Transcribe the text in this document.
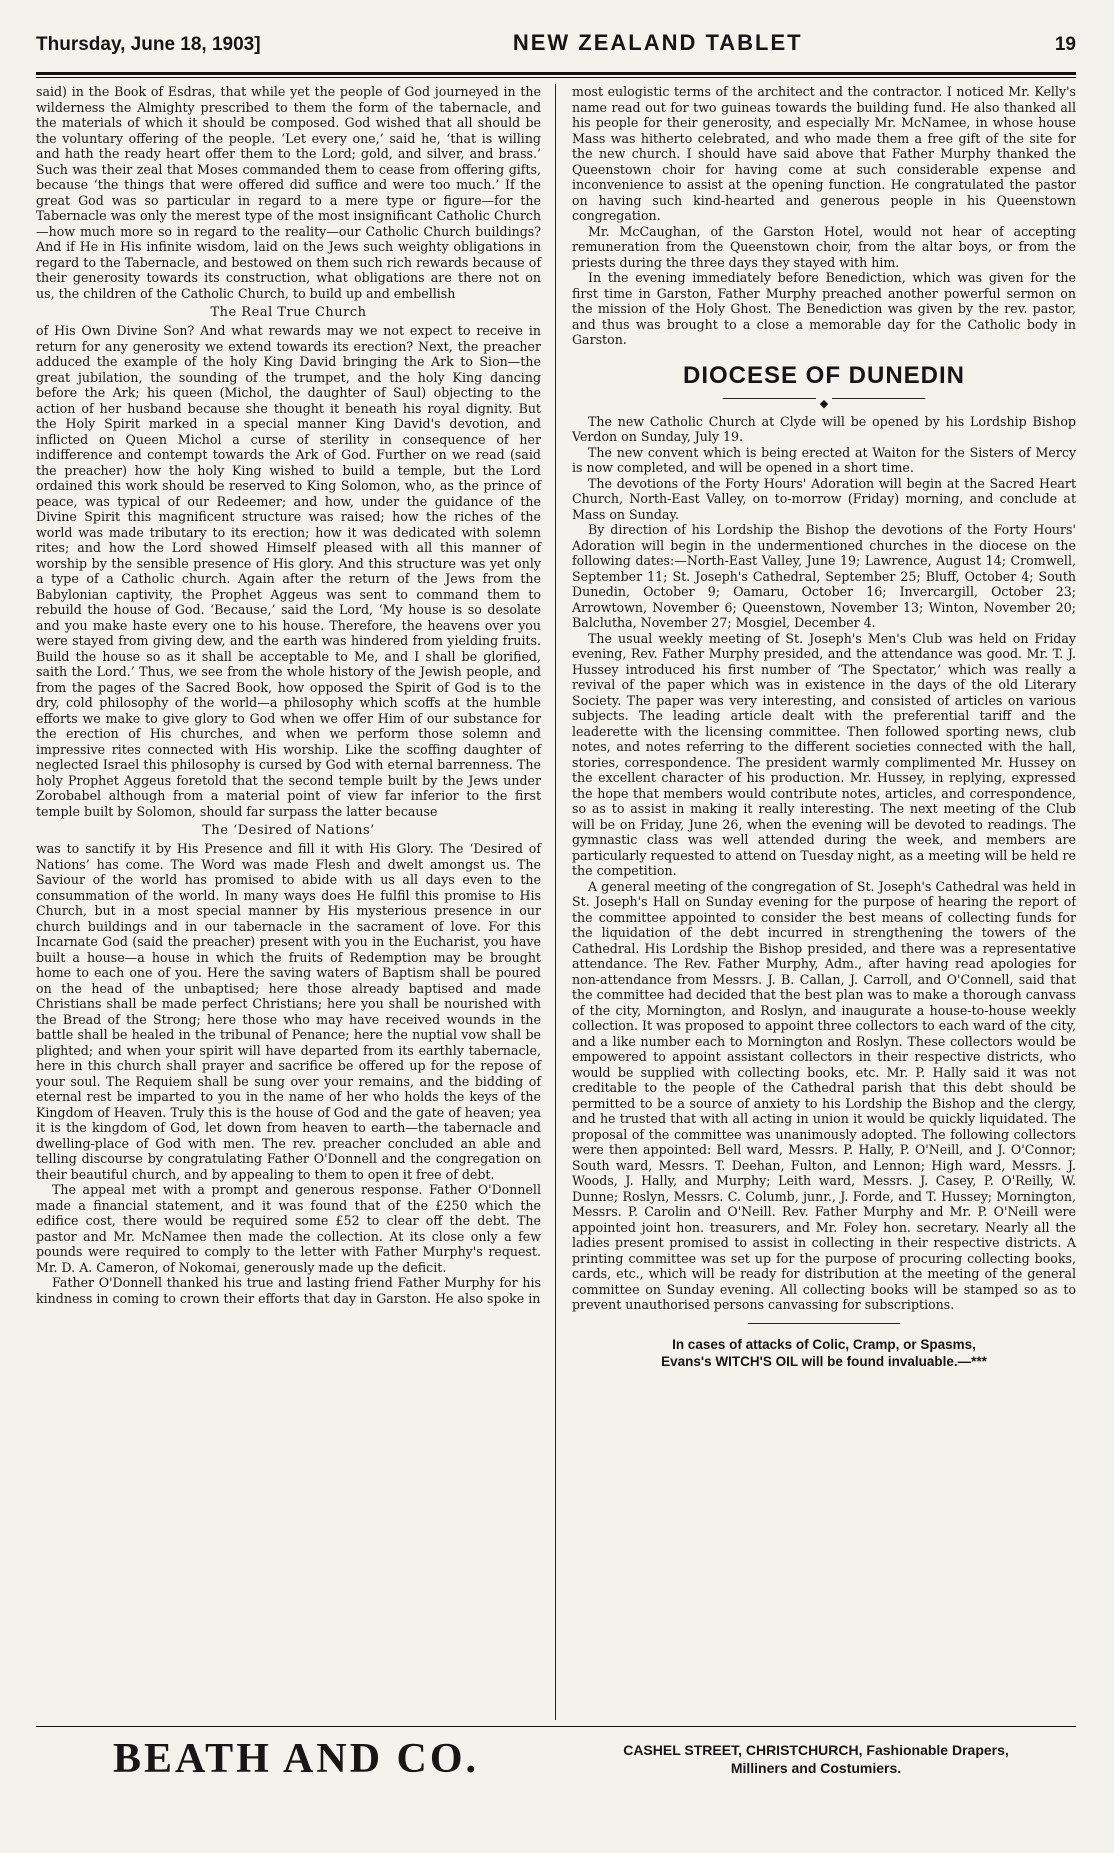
Thursday, June 18, 1903]	NEW ZEALAND TABLET	19

said) in the Book of Esdras, that while yet the people of God journeyed in the wilderness the Almighty prescribed to them the form of the tabernacle, and the materials of which it should be composed. God wished that all should be the voluntary offering of the people. ‘Let every one,’ said he, ‘that is willing and hath the ready heart offer them to the Lord; gold, and silver, and brass.’ Such was their zeal that Moses commanded them to cease from offering gifts, because ‘the things that were offered did suffice and were too much.’ If the great God was so particular in regard to a mere type or figure—for the Tabernacle was only the merest type of the most insignificant Catholic Church—how much more so in regard to the reality—our Catholic Church buildings? And if He in His infinite wisdom, laid on the Jews such weighty obligations in regard to the Tabernacle, and bestowed on them such rich rewards because of their generosity towards its construction, what obligations are there not on us, the children of the Catholic Church, to build up and embellish

The Real True Church

of His Own Divine Son? And what rewards may we not expect to receive in return for any generosity we extend towards its erection? Next, the preacher adduced the example of the holy King David bringing the Ark to Sion—the great jubilation, the sounding of the trumpet, and the holy King dancing before the Ark; his queen (Michol, the daughter of Saul) objecting to the action of her husband because she thought it beneath his royal dignity. But the Holy Spirit marked in a special manner King David's devotion, and inflicted on Queen Michol a curse of sterility in consequence of her indifference and contempt towards the Ark of God. Further on we read (said the preacher) how the holy King wished to build a temple, but the Lord ordained this work should be reserved to King Solomon, who, as the prince of peace, was typical of our Redeemer; and how, under the guidance of the Divine Spirit this magnificent structure was raised; how the riches of the world was made tributary to its erection; how it was dedicated with solemn rites; and how the Lord showed Himself pleased with all this manner of worship by the sensible presence of His glory. And this structure was yet only a type of a Catholic church. Again after the return of the Jews from the Babylonian captivity, the Prophet Aggeus was sent to command them to rebuild the house of God. ‘Because,’ said the Lord, ‘My house is so desolate and you make haste every one to his house. Therefore, the heavens over you were stayed from giving dew, and the earth was hindered from yielding fruits. Build the house so as it shall be acceptable to Me, and I shall be glorified, saith the Lord.’ Thus, we see from the whole history of the Jewish people, and from the pages of the Sacred Book, how opposed the Spirit of God is to the dry, cold philosophy of the world—a philosophy which scoffs at the humble efforts we make to give glory to God when we offer Him of our substance for the erection of His churches, and when we perform those solemn and impressive rites connected with His worship. Like the scoffing daughter of neglected Israel this philosophy is cursed by God with eternal barrenness. The holy Prophet Aggeus foretold that the second temple built by the Jews under Zorobabel although from a material point of view far inferior to the first temple built by Solomon, should far surpass the latter because

The ‘Desired of Nations’

was to sanctify it by His Presence and fill it with His Glory. The ‘Desired of Nations’ has come. The Word was made Flesh and dwelt amongst us. The Saviour of the world has promised to abide with us all days even to the consummation of the world. In many ways does He fulfil this promise to His Church, but in a most special manner by His mysterious presence in our church buildings and in our tabernacle in the sacrament of love. For this Incarnate God (said the preacher) present with you in the Eucharist, you have built a house—a house in which the fruits of Redemption may be brought home to each one of you. Here the saving waters of Baptism shall be poured on the head of the unbaptised; here those already baptised and made Christians shall be made perfect Christians; here you shall be nourished with the Bread of the Strong; here those who may have received wounds in the battle shall be healed in the tribunal of Penance; here the nuptial vow shall be plighted; and when your spirit will have departed from its earthly tabernacle, here in this church shall prayer and sacrifice be offered up for the repose of your soul. The Requiem shall be sung over your remains, and the bidding of eternal rest be imparted to you in the name of her who holds the keys of the Kingdom of Heaven. Truly this is the house of God and the gate of heaven; yea it is the kingdom of God, let down from heaven to earth—the tabernacle and dwelling-place of God with men. The rev. preacher concluded an able and telling discourse by congratulating Father O'Donnell and the congregation on their beautiful church, and by appealing to them to open it free of debt.

The appeal met with a prompt and generous response. Father O'Donnell made a financial statement, and it was found that of the £250 which the edifice cost, there would be required some £52 to clear off the debt. The pastor and Mr. McNamee then made the collection. At its close only a few pounds were required to comply to the letter with Father Murphy's request. Mr. D. A. Cameron, of Nokomai, generously made up the deficit.

Father O'Donnell thanked his true and lasting friend Father Murphy for his kindness in coming to crown their efforts that day in Garston. He also spoke in

most eulogistic terms of the architect and the contractor. I noticed Mr. Kelly's name read out for two guineas towards the building fund. He also thanked all his people for their generosity, and especially Mr. McNamee, in whose house Mass was hitherto celebrated, and who made them a free gift of the site for the new church. I should have said above that Father Murphy thanked the Queenstown choir for having come at such considerable expense and inconvenience to assist at the opening function. He congratulated the pastor on having such kind-hearted and generous people in his Queenstown congregation.

Mr. McCaughan, of the Garston Hotel, would not hear of accepting remuneration from the Queenstown choir, from the altar boys, or from the priests during the three days they stayed with him.

In the evening immediately before Benediction, which was given for the first time in Garston, Father Murphy preached another powerful sermon on the mission of the Holy Ghost. The Benediction was given by the rev. pastor, and thus was brought to a close a memorable day for the Catholic body in Garston.

DIOCESE OF DUNEDIN
◆

The new Catholic Church at Clyde will be opened by his Lordship Bishop Verdon on Sunday, July 19.

The new convent which is being erected at Waiton for the Sisters of Mercy is now completed, and will be opened in a short time.

The devotions of the Forty Hours' Adoration will begin at the Sacred Heart Church, North-East Valley, on to-morrow (Friday) morning, and conclude at Mass on Sunday.

By direction of his Lordship the Bishop the devotions of the Forty Hours' Adoration will begin in the undermentioned churches in the diocese on the following dates:—North-East Valley, June 19; Lawrence, August 14; Cromwell, September 11; St. Joseph's Cathedral, September 25; Bluff, October 4; South Dunedin, October 9; Oamaru, October 16; Invercargill, October 23; Arrowtown, November 6; Queenstown, November 13; Winton, November 20; Balclutha, November 27; Mosgiel, December 4.

The usual weekly meeting of St. Joseph's Men's Club was held on Friday evening, Rev. Father Murphy presided, and the attendance was good. Mr. T. J. Hussey introduced his first number of ‘The Spectator,’ which was really a revival of the paper which was in existence in the days of the old Literary Society. The paper was very interesting, and consisted of articles on various subjects. The leading article dealt with the preferential tariff and the leaderette with the licensing committee. Then followed sporting news, club notes, and notes referring to the different societies connected with the hall, stories, correspondence. The president warmly complimented Mr. Hussey on the excellent character of his production. Mr. Hussey, in replying, expressed the hope that members would contribute notes, articles, and correspondence, so as to assist in making it really interesting. The next meeting of the Club will be on Friday, June 26, when the evening will be devoted to readings. The gymnastic class was well attended during the week, and members are particularly requested to attend on Tuesday night, as a meeting will be held re the competition.

A general meeting of the congregation of St. Joseph's Cathedral was held in St. Joseph's Hall on Sunday evening for the purpose of hearing the report of the committee appointed to consider the best means of collecting funds for the liquidation of the debt incurred in strengthening the towers of the Cathedral. His Lordship the Bishop presided, and there was a representative attendance. The Rev. Father Murphy, Adm., after having read apologies for non-attendance from Messrs. J. B. Callan, J. Carroll, and O'Connell, said that the committee had decided that the best plan was to make a thorough canvass of the city, Mornington, and Roslyn, and inaugurate a house-to-house weekly collection. It was proposed to appoint three collectors to each ward of the city, and a like number each to Mornington and Roslyn. These collectors would be empowered to appoint assistant collectors in their respective districts, who would be supplied with collecting books, etc. Mr. P. Hally said it was not creditable to the people of the Cathedral parish that this debt should be permitted to be a source of anxiety to his Lordship the Bishop and the clergy, and he trusted that with all acting in union it would be quickly liquidated. The proposal of the committee was unanimously adopted. The following collectors were then appointed: Bell ward, Messrs. P. Hally, P. O'Neill, and J. O'Connor; South ward, Messrs. T. Deehan, Fulton, and Lennon; High ward, Messrs. J. Woods, J. Hally, and Murphy; Leith ward, Messrs. J. Casey, P. O'Reilly, W. Dunne; Roslyn, Messrs. C. Columb, junr., J. Forde, and T. Hussey; Mornington, Messrs. P. Carolin and O'Neill. Rev. Father Murphy and Mr. P. O'Neill were appointed joint hon. treasurers, and Mr. Foley hon. secretary. Nearly all the ladies present promised to assist in collecting in their respective districts. A printing committee was set up for the purpose of procuring collecting books, cards, etc., which will be ready for distribution at the meeting of the general committee on Sunday evening. All collecting books will be stamped so as to prevent unauthorised persons canvassing for subscriptions.

In cases of attacks of Colic, Cramp, or Spasms,
Evans's WITCH'S OIL will be found invaluable.—***
BEATH AND CO.	CASHEL STREET, CHRISTCHURCH, Fashionable Drapers,
Milliners and Costumiers.
